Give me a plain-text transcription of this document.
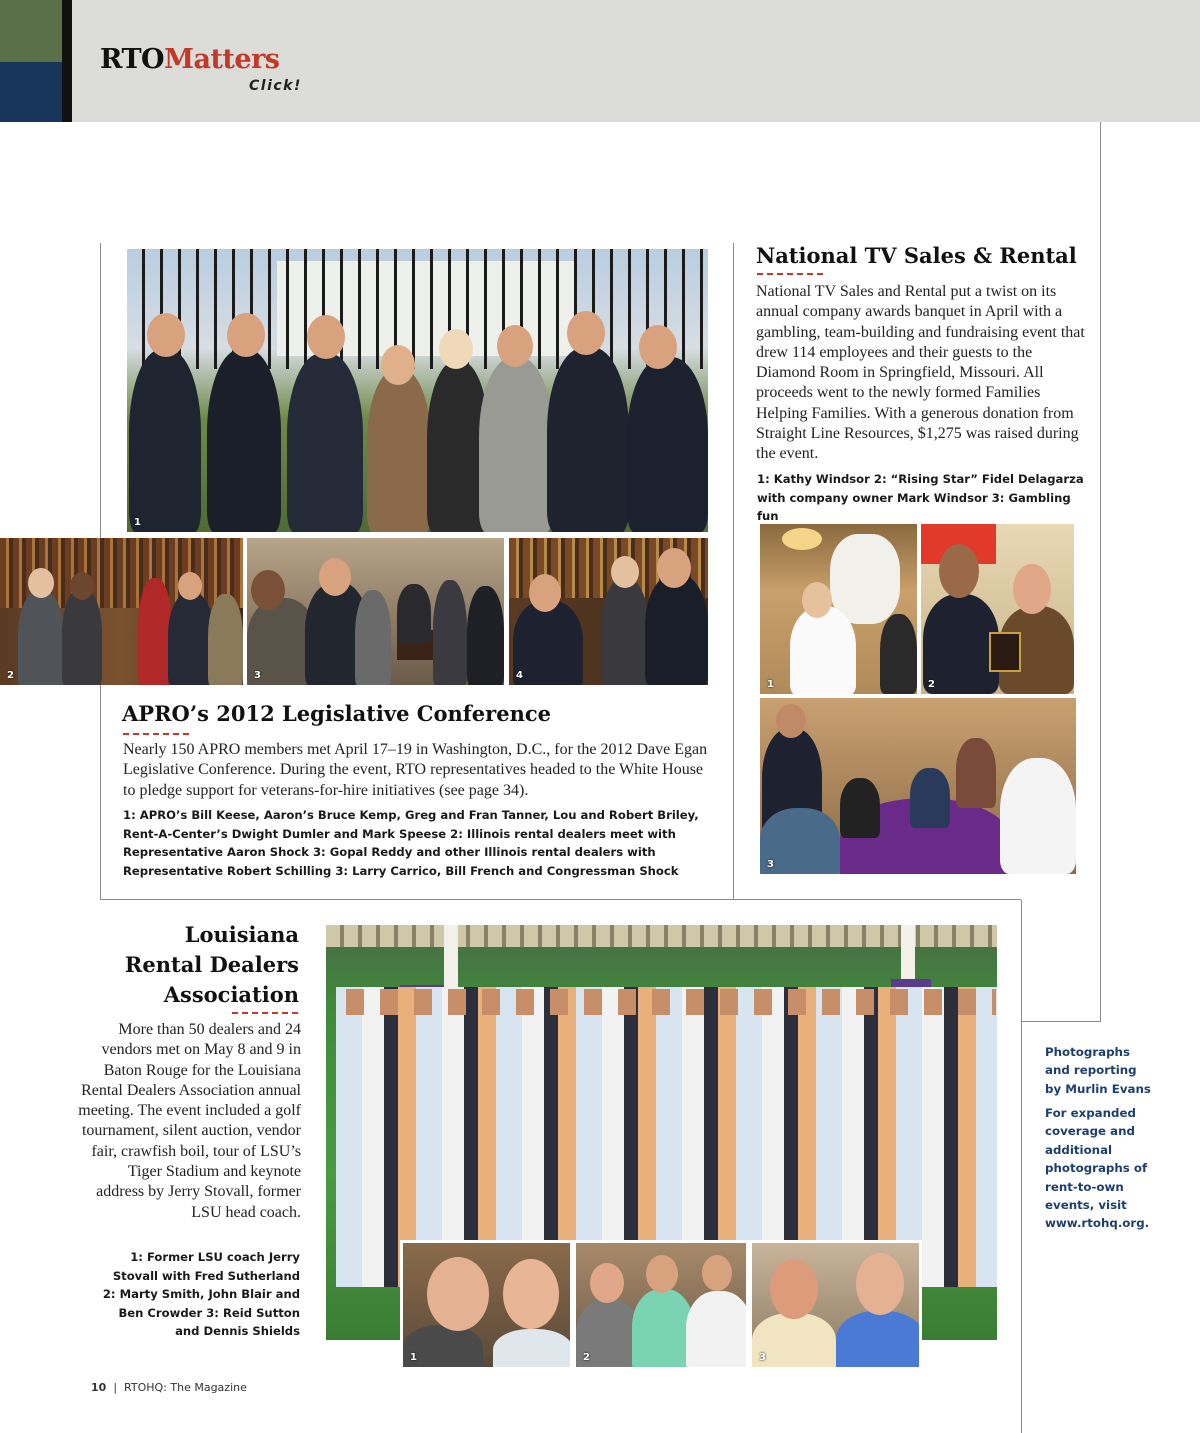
RTOMatters
Click!
1
2	3	4
APRO’s 2012 Legislative Conference
Nearly 150 APRO members met April 17–19 in Washington, D.C., for the 2012 Dave Egan Legislative Conference. During the event, RTO representatives headed to the White House to pledge support for veterans-for-hire initiatives (see page 34).
1: APRO’s Bill Keese, Aaron’s Bruce Kemp, Greg and Fran Tanner, Lou and Robert Briley, Rent-A-Center’s Dwight Dumler and Mark Speese 2: Illinois rental dealers meet with Representative Aaron Shock 3: Gopal Reddy and other Illinois rental dealers with Representative Robert Schilling 3: Larry Carrico, Bill French and Congressman Shock
National TV Sales & Rental
National TV Sales and Rental put a twist on its annual company awards banquet in April with a gambling, team-building and fundraising event that drew 114 employees and their guests to the Diamond Room in Springfield, Missouri. All proceeds went to the newly formed Families Helping Families. With a generous donation from Straight Line Resources, $1,275 was raised during the event.
1: Kathy Windsor 2: “Rising Star” Fidel Delagarza with company owner Mark Windsor 3: Gambling fun
1	2
3
Louisiana
Rental Dealers
Association
More than 50 dealers and 24 vendors met on May 8 and 9 in Baton Rouge for the Louisiana Rental Dealers Association annual meeting. The event included a golf tournament, silent auction, vendor fair, crawfish boil, tour of LSU’s Tiger Stadium and keynote address by Jerry Stovall, former LSU head coach.
1: Former LSU coach Jerry Stovall with Fred Sutherland 2: Marty Smith, John Blair and Ben Crowder 3: Reid Sutton and Dennis Shields
1	2	3
Photographs and reporting by Murlin Evans
For expanded coverage and additional photographs of rent-to-own events, visit www.rtohq.org.
10 | RTOHQ: The Magazine
